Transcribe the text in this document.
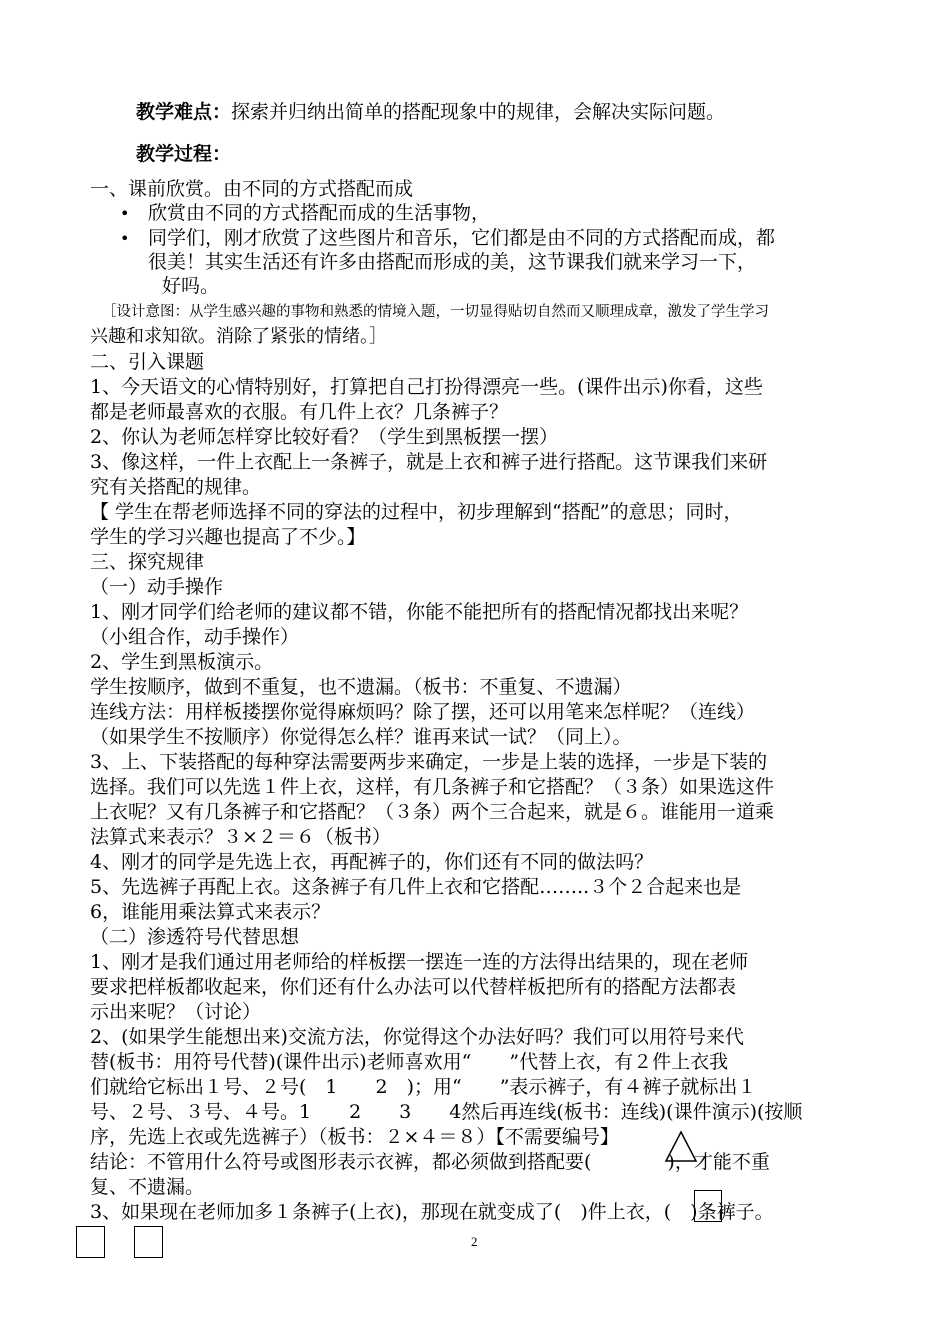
教学难点：探索并归纳出简单的搭配现象中的规律，会解决实际问题。
教学过程：
一、课前欣赏。由不同的方式搭配而成
• 欣赏由不同的方式搭配而成的生活事物，
• 同学们，刚才欣赏了这些图片和音乐，它们都是由不同的方式搭配而成，都
很美！其实生活还有许多由搭配而形成的美，这节课我们就来学习一下，
好吗。
［设计意图：从学生感兴趣的事物和熟悉的情境入题，一切显得贴切自然而又顺理成章，激发了学生学习
兴趣和求知欲。消除了紧张的情绪。］
二、引入课题
1、今天语文的心情特别好，打算把自己打扮得漂亮一些。(课件出示)你看，这些
都是老师最喜欢的衣服。有几件上衣？几条裤子？
2、你认为老师怎样穿比较好看？（学生到黑板摆一摆）
3、像这样，一件上衣配上一条裤子，就是上衣和裤子进行搭配。这节课我们来研
究有关搭配的规律。
【 学生在帮老师选择不同的穿法的过程中，初步理解到“搭配”的意思；同时，
学生的学习兴趣也提高了不少。】
三、探究规律
（一）动手操作
1、刚才同学们给老师的建议都不错，你能不能把所有的搭配情况都找出来呢？
（小组合作，动手操作）
2、学生到黑板演示。
学生按顺序，做到不重复，也不遗漏。（板书：不重复、不遗漏）
连线方法：用样板搂摆你觉得麻烦吗？除了摆，还可以用笔来怎样呢？（连线）
（如果学生不按顺序）你觉得怎么样？谁再来试一试？（同上）。
3、上、下装搭配的每种穿法需要两步来确定，一步是上装的选择，一步是下装的
选择。我们可以先选１件上衣，这样，有几条裤子和它搭配？（３条）如果选这件
上衣呢？又有几条裤子和它搭配？（３条）两个三合起来，就是６。谁能用一道乘
法算式来表示？３×２＝６（板书）
4、刚才的同学是先选上衣，再配裤子的，你们还有不同的做法吗？
5、先选裤子再配上衣。这条裤子有几件上衣和它搭配……..３个２合起来也是
6，谁能用乘法算式来表示？
（二）渗透符号代替思想
1、刚才是我们通过用老师给的样板摆一摆连一连的方法得出结果的，现在老师
要求把样板都收起来，你们还有什么办法可以代替样板把所有的搭配方法都表
示出来呢？（讨论）
2、(如果学生能想出来)交流方法，你觉得这个办法好吗？我们可以用符号来代
替(板书：用符号代替)(课件出示)老师喜欢用“　　”代替上衣，有２件上衣我
们就给它标出１号、２号(　1　　2　)；用“　　”表示裤子，有４裤子就标出１
号、２号、３号、４号。1　　2　　3　　4然后再连线(板书：连线)(课件演示)(按顺
序，先选上衣或先选裤子）（板书：２×４＝８）【不需要编号】
结论：不管用什么符号或图形表示衣裤，都必须做到搭配要(　　　　)，才能不重
复、不遗漏。
3、如果现在老师加多１条裤子(上衣)，那现在就变成了(　)件上衣，(　)条裤子。
2
